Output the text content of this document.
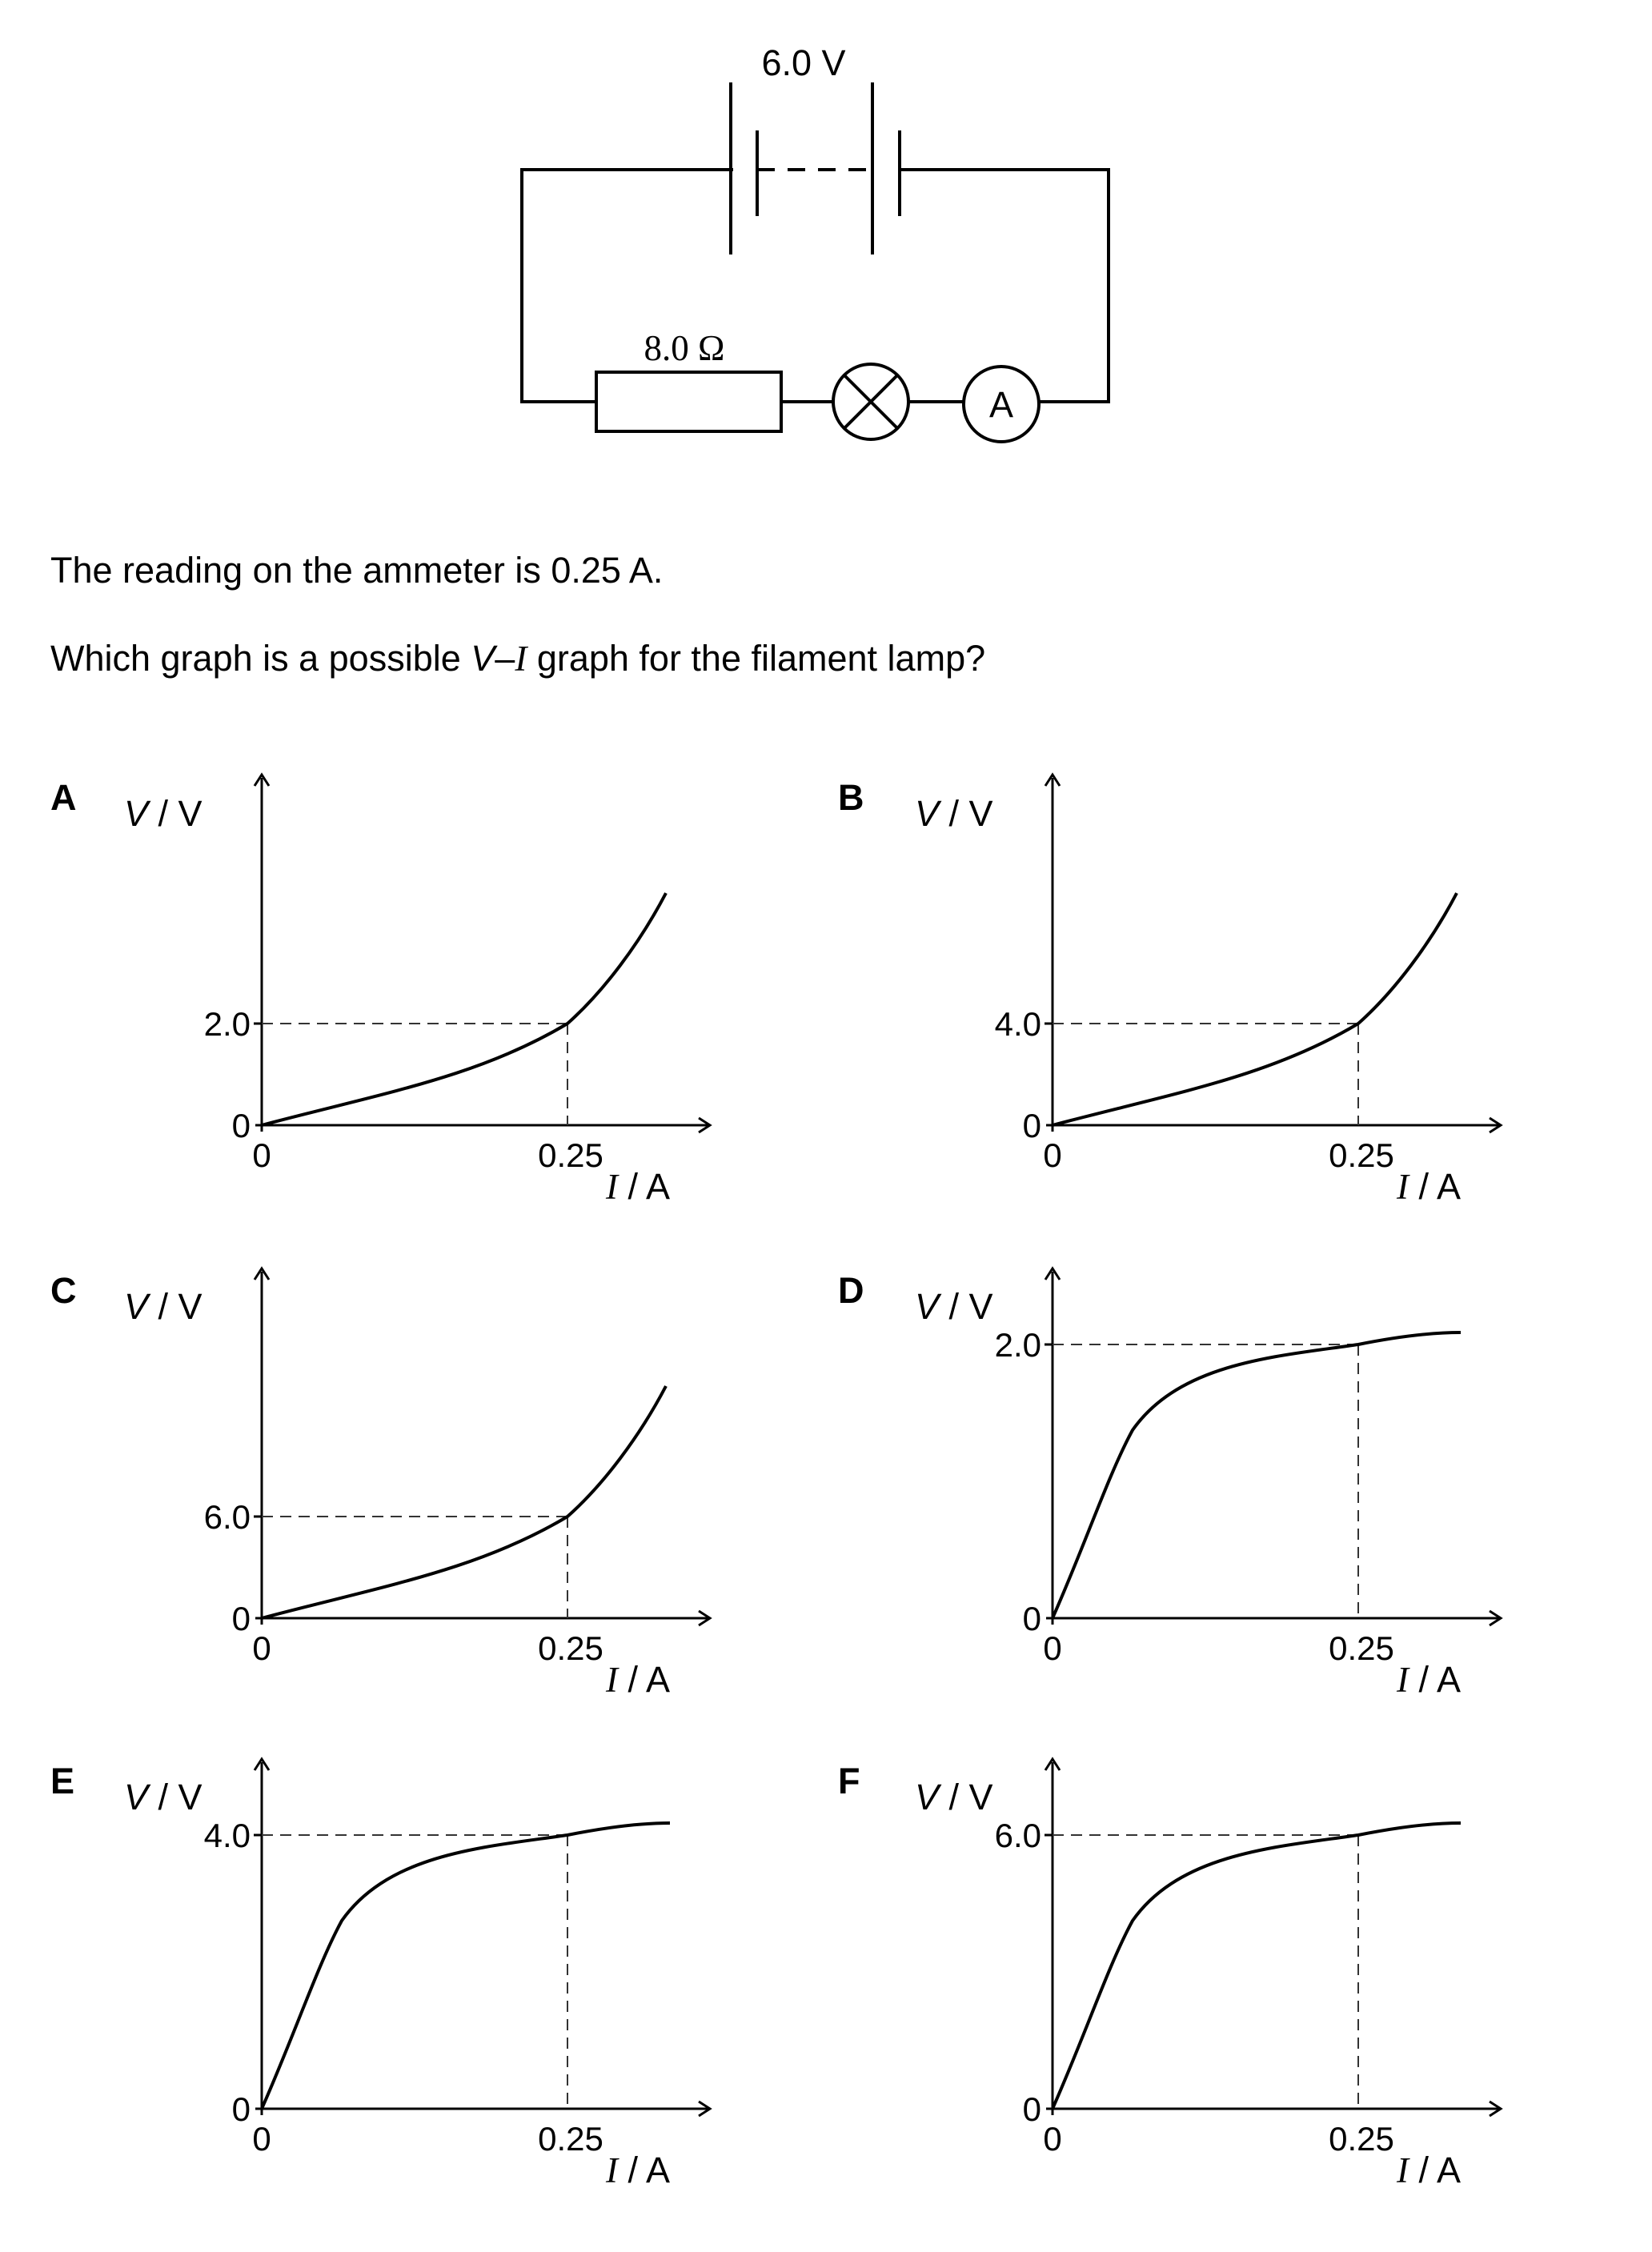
6.0 V
8.0 Ω
A
The reading on the ammeter is 0.25 A.
Which graph is a possible V–I graph for the filament lamp?
A V / V
2.0
0
0	0.25
I / A
B V / V
4.0
0
0	0.25
I / A
C V / V
6.0
0
0	0.25
I / A
D V / V
2.0
0
0	0.25
I / A
E V / V
4.0
0
0	0.25
I / A
F V / V
6.0
0
0	0.25
I / A
